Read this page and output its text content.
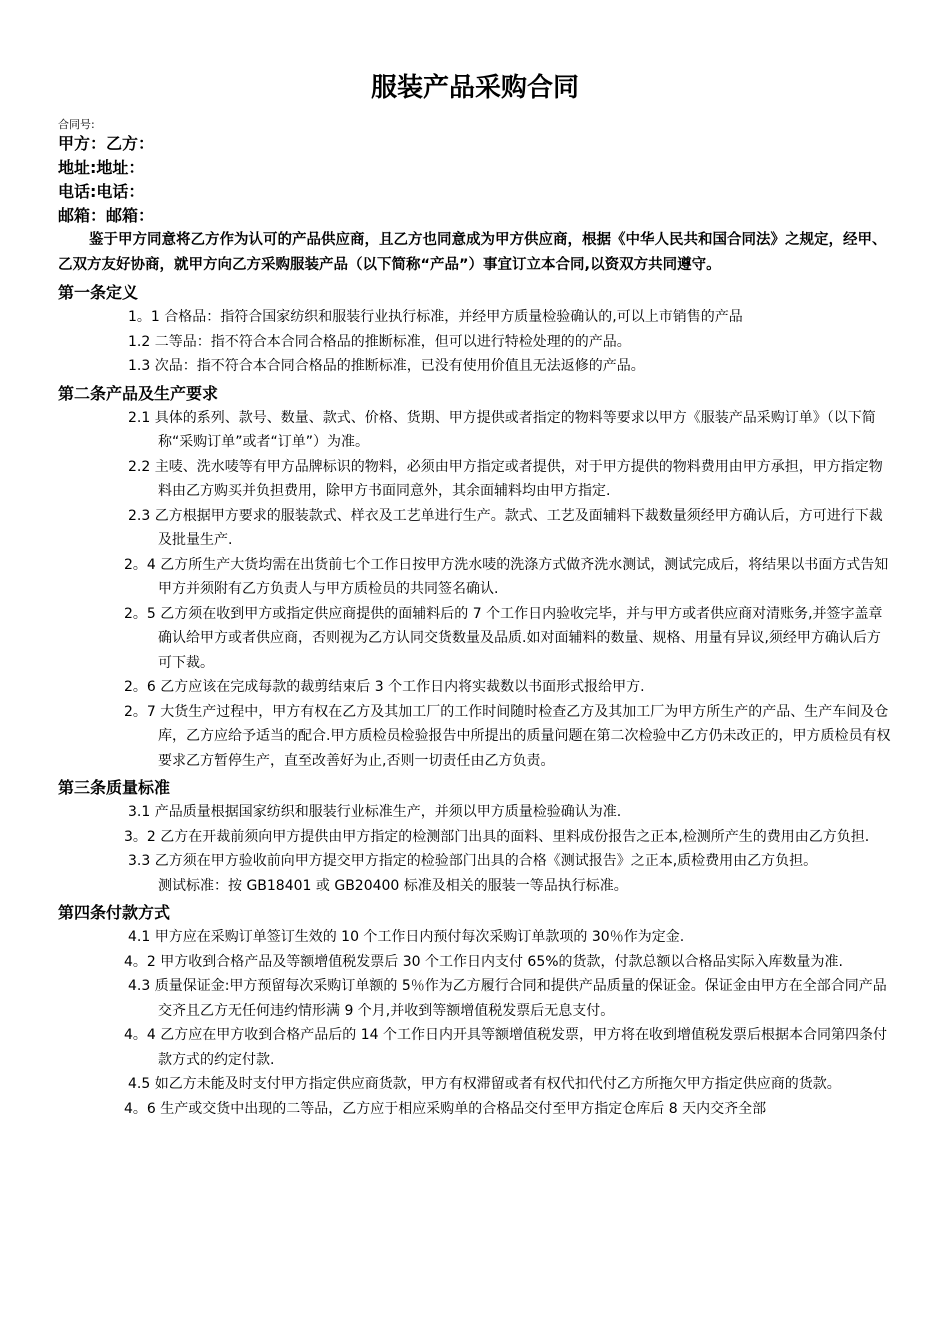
服装产品采购合同
合同号:
甲方：乙方：
地址:地址：
电话:电话：
邮箱：邮箱：

鉴于甲方同意将乙方作为认可的产品供应商，且乙方也同意成为甲方供应商，根据《中华人民共和国合同法》之规定，经甲、乙双方友好协商，就甲方向乙方采购服装产品（以下简称“产品”）事宜订立本合同,以资双方共同遵守。

第一条定义

1。1 合格品：指符合国家纺织和服装行业执行标准，并经甲方质量检验确认的,可以上市销售的产品

1.2 二等品：指不符合本合同合格品的推断标准，但可以进行特检处理的的产品。

1.3 次品：指不符合本合同合格品的推断标准，已没有使用价值且无法返修的产品。

第二条产品及生产要求

2.1 具体的系列、款号、数量、款式、价格、货期、甲方提供或者指定的物料等要求以甲方《服装产品采购订单》（以下简称“采购订单”或者“订单”）为准。

2.2 主唛、洗水唛等有甲方品牌标识的物料，必须由甲方指定或者提供，对于甲方提供的物料费用由甲方承担，甲方指定物料由乙方购买并负担费用，除甲方书面同意外，其余面辅料均由甲方指定.

2.3 乙方根据甲方要求的服装款式、样衣及工艺单进行生产。款式、工艺及面辅料下裁数量须经甲方确认后，方可进行下裁及批量生产.

2。4 乙方所生产大货均需在出货前七个工作日按甲方洗水唛的洗涤方式做齐洗水测试，测试完成后，将结果以书面方式告知甲方并须附有乙方负责人与甲方质检员的共同签名确认.

2。5 乙方须在收到甲方或指定供应商提供的面辅料后的 7 个工作日内验收完毕，并与甲方或者供应商对清账务,并签字盖章确认给甲方或者供应商，否则视为乙方认同交货数量及品质.如对面辅料的数量、规格、用量有异议,须经甲方确认后方可下裁。

2。6 乙方应该在完成每款的裁剪结束后 3 个工作日内将实裁数以书面形式报给甲方.

2。7 大货生产过程中，甲方有权在乙方及其加工厂的工作时间随时检查乙方及其加工厂为甲方所生产的产品、生产车间及仓库，乙方应给予适当的配合.甲方质检员检验报告中所提出的质量问题在第二次检验中乙方仍未改正的，甲方质检员有权要求乙方暂停生产，直至改善好为止,否则一切责任由乙方负责。

第三条质量标准

3.1 产品质量根据国家纺织和服装行业标准生产，并须以甲方质量检验确认为准.

3。2 乙方在开裁前须向甲方提供由甲方指定的检测部门出具的面料、里料成份报告之正本,检测所产生的费用由乙方负担.

3.3 乙方须在甲方验收前向甲方提交甲方指定的检验部门出具的合格《测试报告》之正本,质检费用由乙方负担。

测试标准：按 GB18401 或 GB20400 标准及相关的服装一等品执行标准。

第四条付款方式

4.1 甲方应在采购订单签订生效的 10 个工作日内预付每次采购订单款项的 30％作为定金.

4。2 甲方收到合格产品及等额增值税发票后 30 个工作日内支付 65%的货款，付款总额以合格品实际入库数量为准.

4.3 质量保证金:甲方预留每次采购订单额的 5％作为乙方履行合同和提供产品质量的保证金。保证金由甲方在全部合同产品交齐且乙方无任何违约情形满 9 个月,并收到等额增值税发票后无息支付。

4。4 乙方应在甲方收到合格产品后的 14 个工作日内开具等额增值税发票，甲方将在收到增值税发票后根据本合同第四条付款方式的约定付款.

4.5 如乙方未能及时支付甲方指定供应商货款，甲方有权滞留或者有权代扣代付乙方所拖欠甲方指定供应商的货款。

4。6 生产或交货中出现的二等品，乙方应于相应采购单的合格品交付至甲方指定仓库后 8 天内交齐全部
